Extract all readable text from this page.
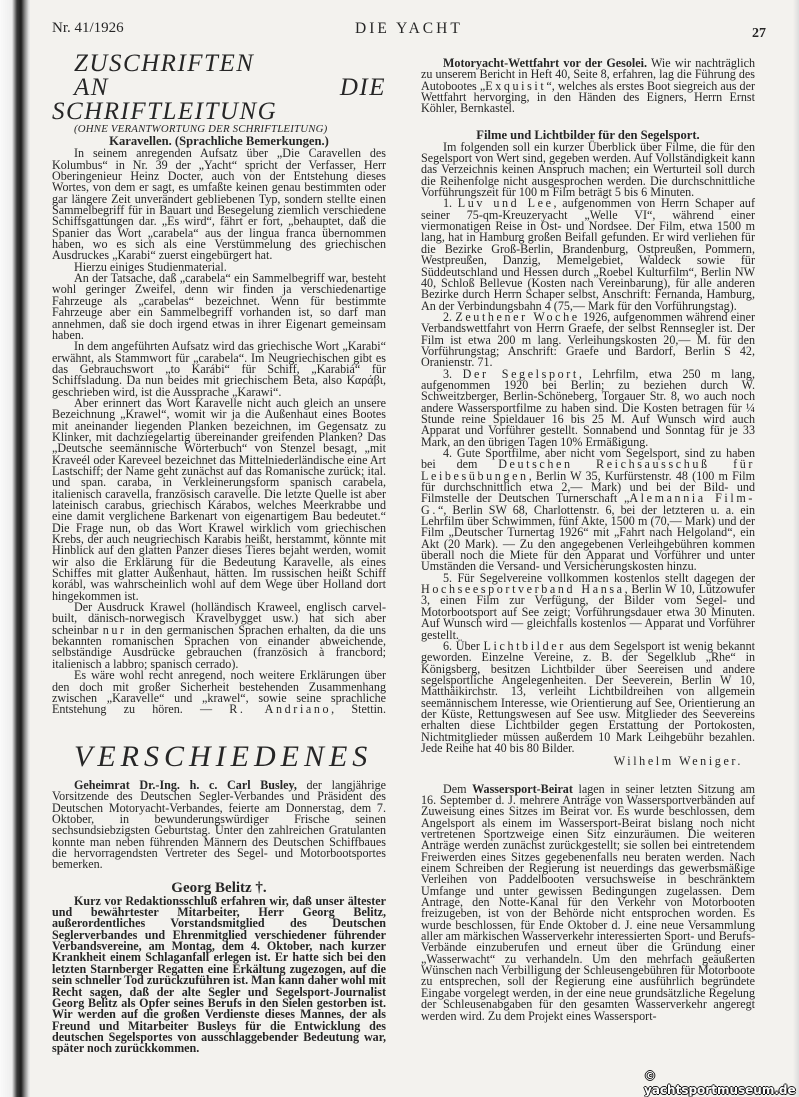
Nr. 41/1926	DIE YACHT	27

ZUSCHRIFTEN

AN DIE SCHRIFTLEITUNG

(OHNE VERANTWORTUNG DER SCHRIFTLEITUNG)

Karavellen. (Sprachliche Bemerkungen.)

In seinem anregenden Aufsatz über „Die Caravellen des Kolumbus“ in Nr. 39 der „Yacht“ spricht der Verfasser, Herr Oberingenieur Heinz Docter, auch von der Entstehung dieses Wortes, von dem er sagt, es umfaßte keinen genau bestimmten oder gar längere Zeit unverändert gebliebenen Typ, sondern stellte einen Sammelbegriff für in Bauart und Besegelung ziemlich verschiedene Schiffsgattungen dar. „Es wird“, fährt er fort, „behauptet, daß die Spanier das Wort „carabela“ aus der lingua franca übernommen haben, wo es sich als eine Verstümmelung des griechischen Ausdruckes „Karabi“ zuerst eingebürgert hat.

Hierzu einiges Studienmaterial.

An der Tatsache, daß „carabela“ ein Sammelbegriff war, besteht wohl geringer Zweifel, denn wir finden ja verschiedenartige Fahrzeuge als „carabelas“ bezeichnet. Wenn für bestimmte Fahrzeuge aber ein Sammelbegriff vorhanden ist, so darf man annehmen, daß sie doch irgend etwas in ihrer Eigenart gemeinsam haben.

In dem angeführten Aufsatz wird das griechische Wort „Karabi“ erwähnt, als Stammwort für „carabela“. Im Neugriechischen gibt es das Gebrauchswort „to Karábi“ für Schiff, „Karabiá“ für Schiffsladung. Da nun beides mit griechischem Beta, also Καράβι, geschrieben wird, ist die Aussprache „Karawi“.

Aber erinnert das Wort Karavelle nicht auch gleich an unsere Bezeichnung „Krawel“, womit wir ja die Außenhaut eines Bootes mit aneinander liegenden Planken bezeichnen, im Gegensatz zu Klinker, mit dachziegelartig übereinander greifenden Planken? Das „Deutsche seemännische Wörterbuch“ von Stenzel besagt, „mit Kraveél oder Kareveel bezeichnet das Mittelniederländische eine Art Lastschiff; der Name geht zunächst auf das Romanische zurück; ital. und span. caraba, in Verkleinerungsform spanisch carabela, italienisch caravella, französisch caravelle. Die letzte Quelle ist aber lateinisch carabus, griechisch Kárabos, welches Meerkrabbe und eine damit verglichene Barkenart von eigenartigem Bau bedeutet.“ Die Frage nun, ob das Wort Krawel wirklich vom griechischen Krebs, der auch neugriechisch Karabis heißt, herstammt, könnte mit Hinblick auf den glatten Panzer dieses Tieres bejaht werden, womit wir also die Erklärung für die Bedeutung Karavelle, als eines Schiffes mit glatter Außenhaut, hätten. Im russischen heißt Schiff korábl, was wahrscheinlich wohl auf dem Wege über Holland dort hingekommen ist.

Der Ausdruck Krawel (holländisch Kraweel, englisch carvel-built, dänisch-norwegisch Kravelbygget usw.) hat sich aber scheinbar nur in den germanischen Sprachen erhalten, da die uns bekannten romanischen Sprachen von einander abweichende, selbständige Ausdrücke gebrauchen (französich à francbord; italienisch a labbro; spanisch cerrado).

Es wäre wohl recht anregend, noch weitere Erklärungen über den doch mit großer Sicherheit bestehenden Zusammenhang zwischen „Karavelle“ und „krawel“, sowie seine sprachliche Entstehung zu hören. — R. Andriano, Stettin.

VERSCHIEDENES

Geheimrat Dr.-Ing. h. c. Carl Busley, der langjährige Vorsitzende des Deutschen Segler-Verbandes und Präsident des Deutschen Motoryacht-Verbandes, feierte am Donnerstag, dem 7. Oktober, in bewunderungswürdiger Frische seinen sechsundsiebzigsten Geburtstag. Unter den zahlreichen Gratulanten konnte man neben führenden Männern des Deutschen Schiffbaues die hervorragendsten Vertreter des Segel- und Motorbootsportes bemerken.

Georg Belitz †.

Kurz vor Redaktionsschluß erfahren wir, daß unser ältester und bewährtester Mitarbeiter, Herr Georg Belitz, außerordentliches Vorstandsmitglied des Deutschen Seglerverbandes und Ehrenmitglied verschiedener führender Verbandsvereine, am Montag, dem 4. Oktober, nach kurzer Krankheit einem Schlaganfall erlegen ist. Er hatte sich bei den letzten Starnberger Regatten eine Erkältung zugezogen, auf die sein schneller Tod zurückzuführen ist. Man kann daher wohl mit Recht sagen, daß der alte Segler und Segelsport-Journalist Georg Belitz als Opfer seines Berufs in den Sielen gestorben ist. Wir werden auf die großen Verdienste dieses Mannes, der als Freund und Mitarbeiter Busleys für die Entwicklung des deutschen Segelsportes von ausschlaggebender Bedeutung war, später noch zurückkommen.

Motoryacht-Wettfahrt vor der Gesolei. Wie wir nachträglich zu unserem Bericht in Heft 40, Seite 8, erfahren, lag die Führung des Autobootes „Exquisit“, welches als erstes Boot siegreich aus der Wettfahrt hervorging, in den Händen des Eigners, Herrn Ernst Köhler, Bernkastel.

Filme und Lichtbilder für den Segelsport.

Im folgenden soll ein kurzer Überblick über Filme, die für den Segelsport von Wert sind, gegeben werden. Auf Vollständigkeit kann das Verzeichnis keinen Anspruch machen; ein Werturteil soll durch die Reihenfolge nicht ausgesprochen werden. Die durchschnittliche Vorführungszeit für 100 m Film beträgt 5 bis 6 Minuten.

1. Luv und Lee, aufgenommen von Herrn Schaper auf seiner 75-qm-Kreuzeryacht „Welle VI“, während einer viermonatigen Reise in Ost- und Nordsee. Der Film, etwa 1500 m lang, hat in Hamburg großen Beifall gefunden. Er wird verliehen für die Bezirke Groß-Berlin, Brandenburg, Ostpreußen, Pommern, Westpreußen, Danzig, Memelgebiet, Waldeck sowie für Süddeutschland und Hessen durch „Roebel Kulturfilm“, Berlin NW 40, Schloß Bellevue (Kosten nach Vereinbarung), für alle anderen Bezirke durch Herrn Schaper selbst, Anschrift: Fernanda, Hamburg, An der Verbindungsbahn 4 (75,— Mark für den Vorführungstag).

2. Zeuthener Woche 1926, aufgenommen während einer Verbandswettfahrt von Herrn Graefe, der selbst Rennsegler ist. Der Film ist etwa 200 m lang. Verleihungskosten 20,— M. für den Vorführungstag; Anschrift: Graefe und Bardorf, Berlin S 42, Oranienstr. 71.

3. Der Segelsport, Lehrfilm, etwa 250 m lang, aufgenommen 1920 bei Berlin; zu beziehen durch W. Schweitzberger, Berlin-Schöneberg, Torgauer Str. 8, wo auch noch andere Wassersportfilme zu haben sind. Die Kosten betragen für ¼ Stunde reine Spieldauer 16 bis 25 M. Auf Wunsch wird auch Apparat und Vorführer gestellt. Sonnabend und Sonntag für je 33 Mark, an den übrigen Tagen 10% Ermäßigung.

4. Gute Sportfilme, aber nicht vom Segelsport, sind zu haben bei dem Deutschen Reichsausschuß für Leibesübungen, Berlin W 35, Kurfürstenstr. 48 (100 m Film für durchschnittlich etwa 2,— Mark) und bei der Bild- und Filmstelle der Deutschen Turnerschaft „Alemannia Film-G.“, Berlin SW 68, Charlottenstr. 6, bei der letzteren u. a. ein Lehrfilm über Schwimmen, fünf Akte, 1500 m (70,— Mark) und der Film „Deutscher Turnertag 1926“ mit „Fahrt nach Helgoland“, ein Akt (20 Mark). — Zu den angegebenen Verleihgebühren kommen überall noch die Miete für den Apparat und Vorführer und unter Umständen die Versand- und Versicherungskosten hinzu.

5. Für Segelvereine vollkommen kostenlos stellt dagegen der Hochseesportverband Hansa, Berlin W 10, Lützowufer 3, einen Film zur Verfügung, der Bilder vom Segel- und Motorbootsport auf See zeigt; Vorführungsdauer etwa 30 Minuten. Auf Wunsch wird — gleichfalls kostenlos — Apparat und Vorführer gestellt.

6. Über Lichtbilder aus dem Segelsport ist wenig bekannt geworden. Einzelne Vereine, z. B. der Segelklub „Rhe“ in Königsberg, besitzen Lichtbilder über Seereisen und andere segelsportliche Angelegenheiten. Der Seeverein, Berlin W 10, Matthäikirchstr. 13, verleiht Lichtbildreihen von allgemein seemännischem Interesse, wie Orientierung auf See, Orientierung an der Küste, Rettungswesen auf See usw. Mitglieder des Seevereins erhalten diese Lichtbilder gegen Erstattung der Portokosten, Nichtmitglieder müssen außerdem 10 Mark Leihgebühr bezahlen. Jede Reihe hat 40 bis 80 Bilder.

Wilhelm Weniger.

Dem Wassersport-Beirat lagen in seiner letzten Sitzung am 16. September d. J. mehrere Anträge von Wassersportverbänden auf Zuweisung eines Sitzes im Beirat vor. Es wurde beschlossen, dem Angelsport als einem im Wassersport-Beirat bislang noch nicht vertretenen Sportzweige einen Sitz einzuräumen. Die weiteren Anträge werden zunächst zurückgestellt; sie sollen bei eintretendem Freiwerden eines Sitzes gegebenenfalls neu beraten werden. Nach einem Schreiben der Regierung ist neuerdings das gewerbsmäßige Verleihen von Paddelbooten versuchsweise in beschränktem Umfange und unter gewissen Bedingungen zugelassen. Dem Antrage, den Notte-Kanal für den Verkehr von Motorbooten freizugeben, ist von der Behörde nicht entsprochen worden. Es wurde beschlossen, für Ende Oktober d. J. eine neue Versammlung aller am märkischen Wasserverkehr interessierten Sport- und Berufs-Verbände einzuberufen und erneut über die Gründung einer „Wasserwacht“ zu verhandeln. Um den mehrfach geäußerten Wünschen nach Verbilligung der Schleusengebühren für Motorboote zu entsprechen, soll der Regierung eine ausführlich begründete Eingabe vorgelegt werden, in der eine neue grundsätzliche Regelung der Schleusenabgaben für den gesamten Wasserverkehr angeregt werden wird. Zu dem Projekt eines Wassersport-

© yachtsportmuseum.de
